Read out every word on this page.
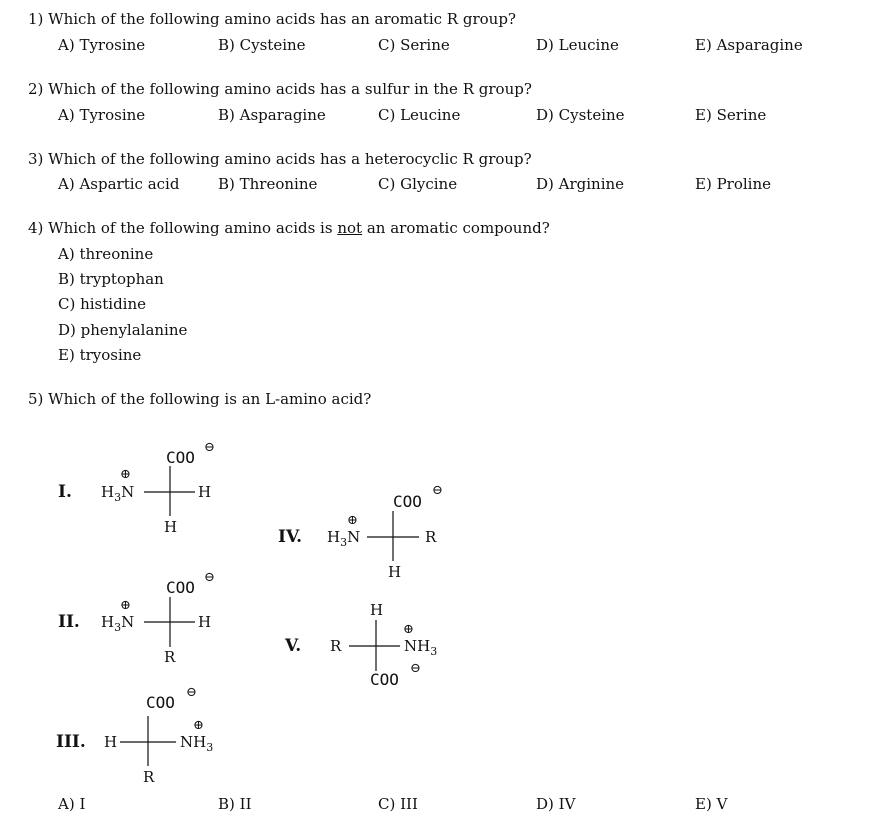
1) Which of the following amino acids has an aromatic R group?
A) Tyrosine	B) Cysteine	C) Serine	D) Leucine	E) Asparagine
2) Which of the following amino acids has a sulfur in the R group?
A) Tyrosine	B) Asparagine	C) Leucine	D) Cysteine	E) Serine
3) Which of the following amino acids has a heterocyclic R group?
A) Aspartic acid	B) Threonine	C) Glycine	D) Arginine	E) Proline
4) Which of the following amino acids is not an aromatic compound?
A) threonine
B) tryptophan
C) histidine
D) phenylalanine
E) tryosine
5) Which of the following is an L-amino acid?
I.
⊕
$H_3N$
COO
⊖
H
H
II.
⊕
$H_3N$
COO
⊖
H
R
III. H
COO
⊖
⊕
$NH_3$
R
IV.
⊕
$H_3N$
COO
⊖
R
H
V. R
H
⊕
$NH_3$
COO
⊖
A) I	B) II	C) III	D) IV	E) V
